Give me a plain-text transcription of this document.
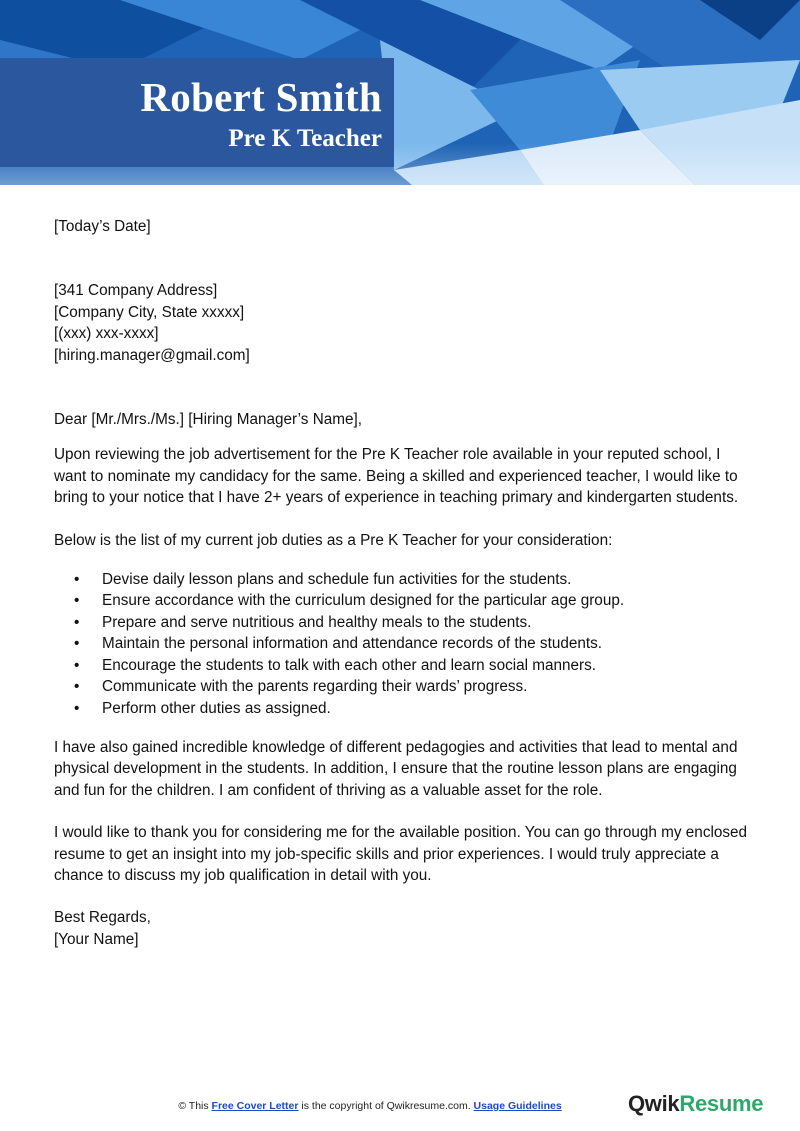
Robert Smith
Pre K Teacher

[Today’s Date]

[341 Company Address]

[Company City, State xxxxx]

[(xxx) xxx-xxxx]

[hiring.manager@gmail.com]

Dear [Mr./Mrs./Ms.] [Hiring Manager’s Name],

Upon reviewing the job advertisement for the Pre K Teacher role available in your reputed school, I want to nominate my candidacy for the same. Being a skilled and experienced teacher, I would like to bring to your notice that I have 2+ years of experience in teaching primary and kindergarten students.

Below is the list of my current job duties as a Pre K Teacher for your consideration:

• Devise daily lesson plans and schedule fun activities for the students.
• Ensure accordance with the curriculum designed for the particular age group.
• Prepare and serve nutritious and healthy meals to the students.
• Maintain the personal information and attendance records of the students.
• Encourage the students to talk with each other and learn social manners.
• Communicate with the parents regarding their wards’ progress.
• Perform other duties as assigned.

I have also gained incredible knowledge of different pedagogies and activities that lead to mental and physical development in the students. In addition, I ensure that the routine lesson plans are engaging and fun for the children. I am confident of thriving as a valuable asset for the role.

I would like to thank you for considering me for the available position. You can go through my enclosed resume to get an insight into my job-specific skills and prior experiences. I would truly appreciate a chance to discuss my job qualification in detail with you.

Best Regards,

[Your Name]

© This Free Cover Letter is the copyright of Qwikresume.com. Usage Guidelines	QwikResume
